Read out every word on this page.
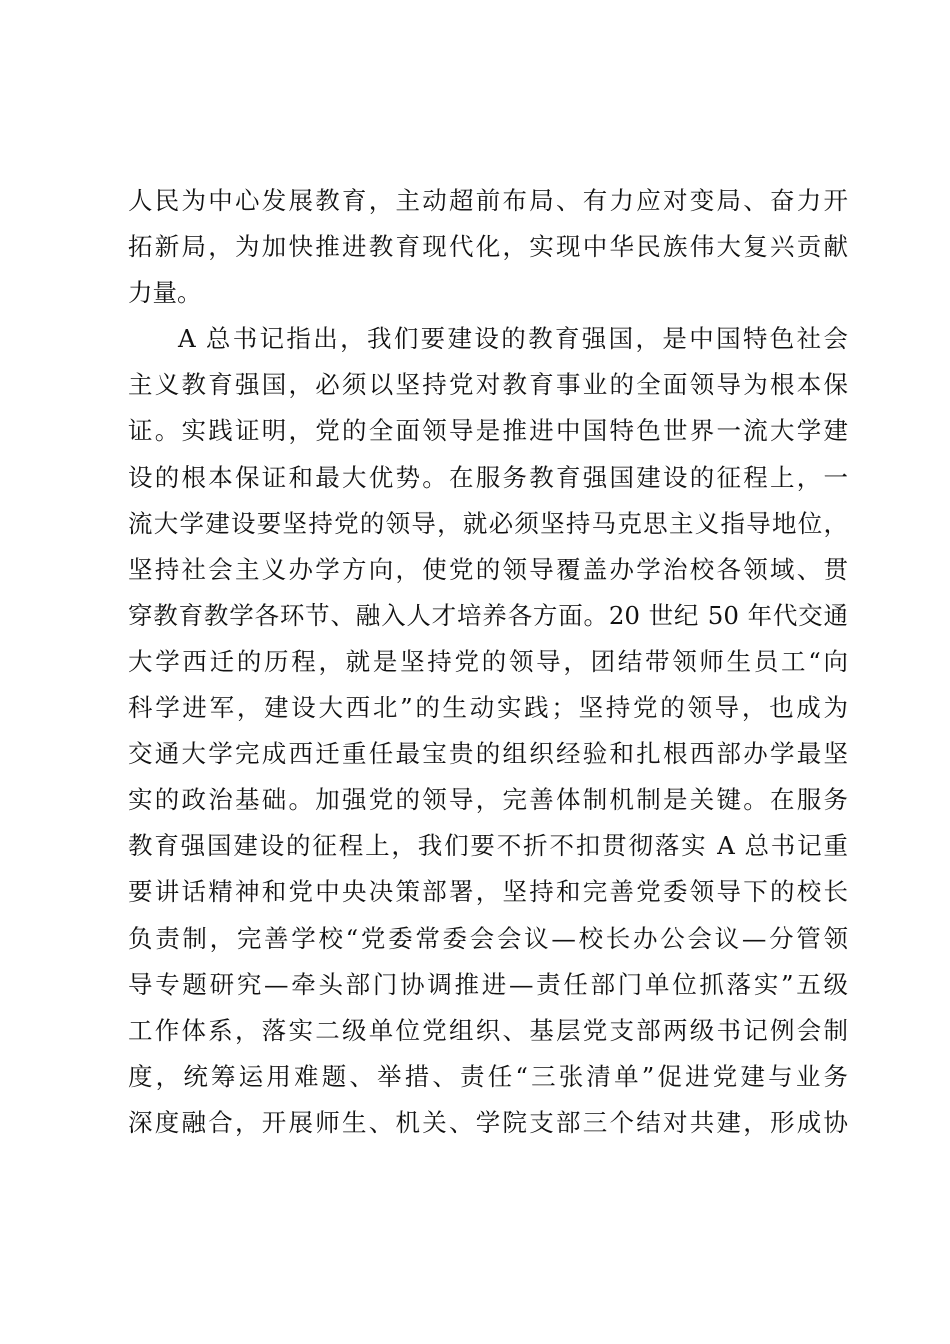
人民为中心发展教育，主动超前布局、有力应对变局、奋力开
拓新局，为加快推进教育现代化，实现中华民族伟大复兴贡献
力量。
A 总书记指出，我们要建设的教育强国，是中国特色社会
主义教育强国，必须以坚持党对教育事业的全面领导为根本保
证。实践证明，党的全面领导是推进中国特色世界一流大学建
设的根本保证和最大优势。在服务教育强国建设的征程上，一
流大学建设要坚持党的领导，就必须坚持马克思主义指导地位，
坚持社会主义办学方向，使党的领导覆盖办学治校各领域、贯
穿教育教学各环节、融入人才培养各方面。20 世纪 50 年代交通
大学西迁的历程，就是坚持党的领导，团结带领师生员工“向
科学进军，建设大西北”的生动实践；坚持党的领导，也成为
交通大学完成西迁重任最宝贵的组织经验和扎根西部办学最坚
实的政治基础。加强党的领导，完善体制机制是关键。在服务
教育强国建设的征程上，我们要不折不扣贯彻落实 A 总书记重
要讲话精神和党中央决策部署，坚持和完善党委领导下的校长
负责制，完善学校“党委常委会会议—校长办公会议—分管领
导专题研究—牵头部门协调推进—责任部门单位抓落实”五级
工作体系，落实二级单位党组织、基层党支部两级书记例会制
度，统筹运用难题、举措、责任“三张清单”促进党建与业务
深度融合，开展师生、机关、学院支部三个结对共建，形成协
